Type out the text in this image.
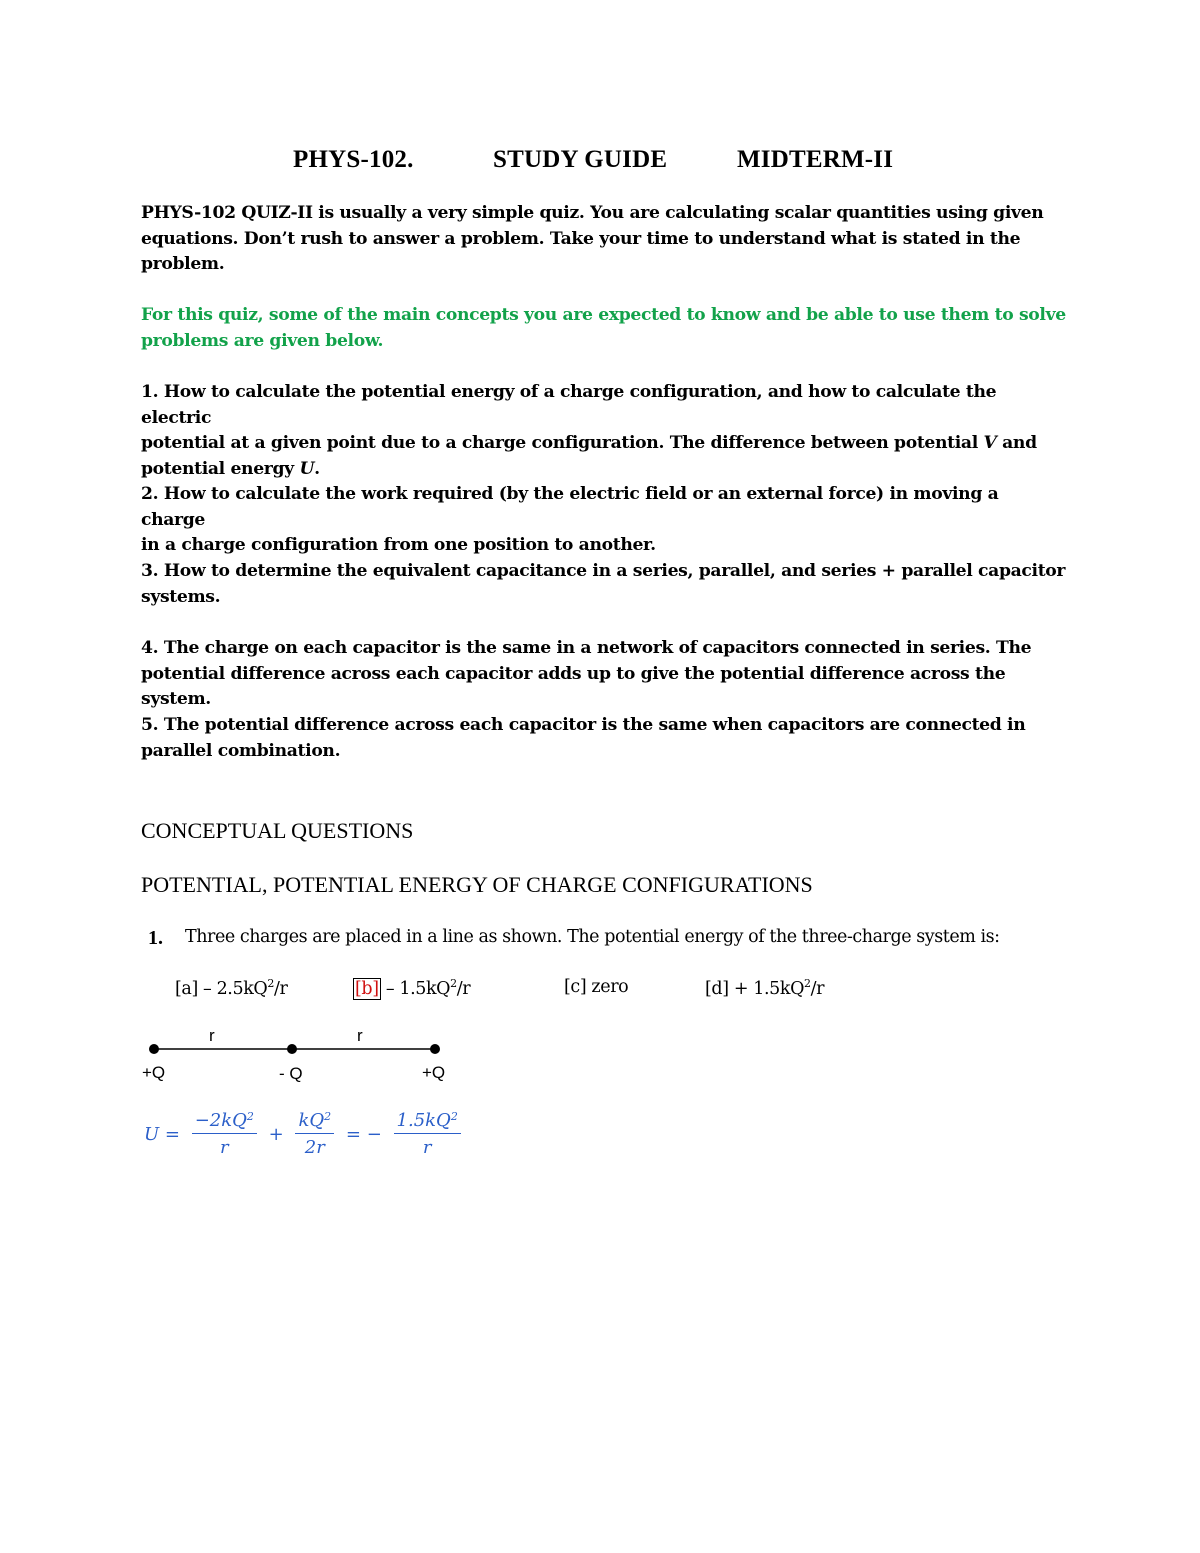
PHYS-102.	STUDY GUIDE	MIDTERM-II

PHYS-102 QUIZ-II is usually a very simple quiz. You are calculating scalar quantities using given

equations. Don’t rush to answer a problem. Take your time to understand what is stated in the

problem.

For this quiz, some of the main concepts you are expected to know and be able to use them to solve

problems are given below.

1. How to calculate the potential energy of a charge configuration, and how to calculate the electric

potential at a given point due to a charge configuration. The difference between potential V and

potential energy U.

2. How to calculate the work required (by the electric field or an external force) in moving a charge

in a charge configuration from one position to another.

3. How to determine the equivalent capacitance in a series, parallel, and series + parallel capacitor

systems.

4. The charge on each capacitor is the same in a network of capacitors connected in series. The

potential difference across each capacitor adds up to give the potential difference across the system.

5. The potential difference across each capacitor is the same when capacitors are connected in

parallel combination.

CONCEPTUAL QUESTIONS
POTENTIAL, POTENTIAL ENERGY OF CHARGE CONFIGURATIONS
1. Three charges are placed in a line as shown. The potential energy of the three-charge system is:
$[a] - 2.5kQ^2/r$	$[b] - 1.5kQ^2/r$	[c] zero	$[d] + 1.5kQ^2/r$
r	r
+Q	- Q	+Q
$U = \frac{-2kQ^2}{r} + \frac{kQ^2}{2r}$ = − $\frac{1.5kQ^2}{r}$
